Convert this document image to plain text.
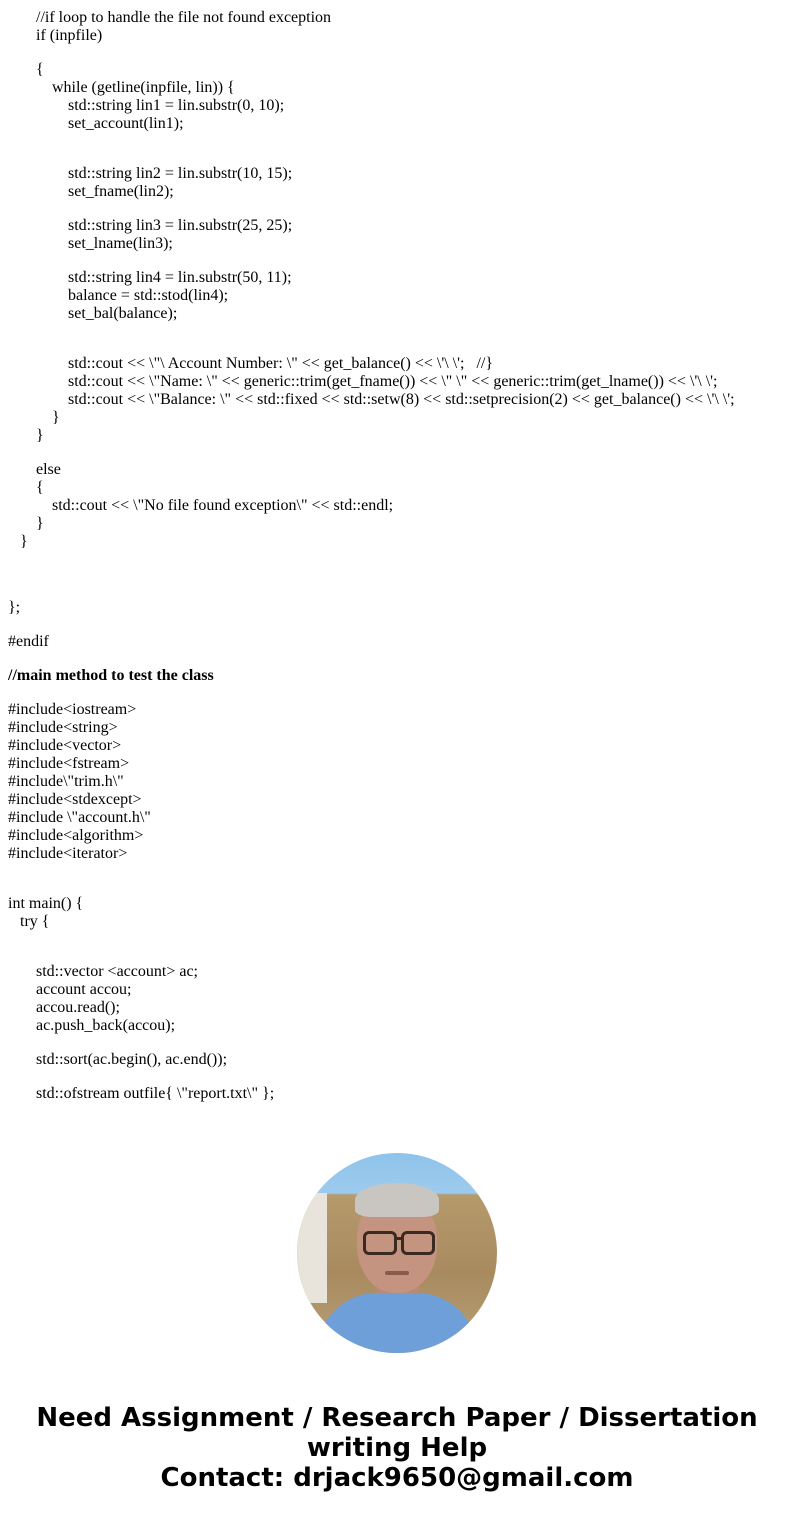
//if loop to handle the file not found exception
if (inpfile)
{
while (getline(inpfile, lin)) {
std::string lin1 = lin.substr(0, 10);
set_account(lin1);
std::string lin2 = lin.substr(10, 15);
set_fname(lin2);
std::string lin3 = lin.substr(25, 25);
set_lname(lin3);
std::string lin4 = lin.substr(50, 11);
balance = std::stod(lin4);
set_bal(balance);
std::cout << \"\ Account Number: \" << get_balance() << \'\ \';   //}
std::cout << \"Name: \" << generic::trim(get_fname()) << \" \" << generic::trim(get_lname()) << \'\ \';
std::cout << \"Balance: \" << std::fixed << std::setw(8) << std::setprecision(2) << get_balance() << \'\ \';
}
}
else
{
std::cout << \"No file found exception\" << std::endl;
}
}
};
#endif
//main method to test the class
#include<iostream>
#include<string>
#include<vector>
#include<fstream>
#include\"trim.h\"
#include<stdexcept>
#include \"account.h\"
#include<algorithm>
#include<iterator>
int main() {
try {
std::vector <account> ac;
account accou;
accou.read();
ac.push_back(accou);
std::sort(ac.begin(), ac.end());
std::ofstream outfile{ \"report.txt\" };
Need Assignment / Research Paper / Dissertation
writing Help
Contact: drjack9650@gmail.com
